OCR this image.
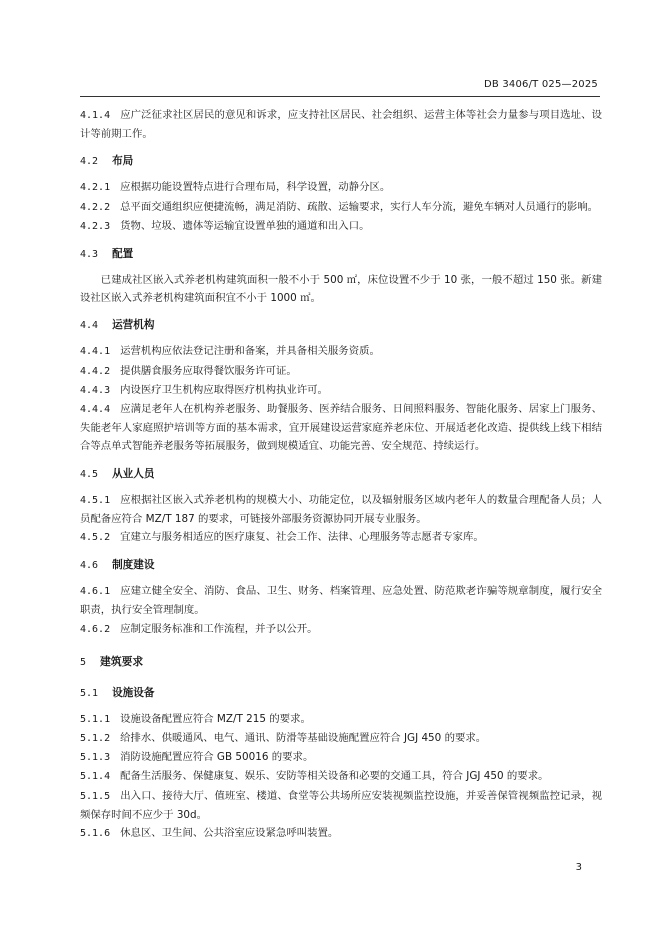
DB 3406/T 025—2025
4.1.4 应广泛征求社区居民的意见和诉求，应支持社区居民、社会组织、运营主体等社会力量参与项目选址、设计等前期工作。
4.2 布局
4.2.1 应根据功能设置特点进行合理布局，科学设置，动静分区。
4.2.2 总平面交通组织应便捷流畅，满足消防、疏散、运输要求，实行人车分流，避免车辆对人员通行的影响。
4.2.3 货物、垃圾、遗体等运输宜设置单独的通道和出入口。
4.3 配置
已建成社区嵌入式养老机构建筑面积一般不小于 500 ㎡，床位设置不少于 10 张，一般不超过 150 张。新建设社区嵌入式养老机构建筑面积宜不小于 1000 ㎡。
4.4 运营机构
4.4.1 运营机构应依法登记注册和备案，并具备相关服务资质。
4.4.2 提供膳食服务应取得餐饮服务许可证。
4.4.3 内设医疗卫生机构应取得医疗机构执业许可。
4.4.4 应满足老年人在机构养老服务、助餐服务、医养结合服务、日间照料服务、智能化服务、居家上门服务、失能老年人家庭照护培训等方面的基本需求，宜开展建设运营家庭养老床位、开展适老化改造、提供线上线下相结合等点单式智能养老服务等拓展服务，做到规模适宜、功能完善、安全规范、持续运行。
4.5 从业人员
4.5.1 应根据社区嵌入式养老机构的规模大小、功能定位，以及辐射服务区域内老年人的数量合理配备人员；人员配备应符合 MZ/T 187 的要求，可链接外部服务资源协同开展专业服务。
4.5.2 宜建立与服务相适应的医疗康复、社会工作、法律、心理服务等志愿者专家库。
4.6 制度建设
4.6.1 应建立健全安全、消防、食品、卫生、财务、档案管理、应急处置、防范欺老诈骗等规章制度，履行安全职责，执行安全管理制度。
4.6.2 应制定服务标准和工作流程，并予以公开。
5 建筑要求
5.1 设施设备
5.1.1 设施设备配置应符合 MZ/T 215 的要求。
5.1.2 给排水、供暖通风、电气、通讯、防滑等基础设施配置应符合 JGJ 450 的要求。
5.1.3 消防设施配置应符合 GB 50016 的要求。
5.1.4 配备生活服务、保健康复、娱乐、安防等相关设备和必要的交通工具，符合 JGJ 450 的要求。
5.1.5 出入口、接待大厅、值班室、楼道、食堂等公共场所应安装视频监控设施，并妥善保管视频监控记录，视频保存时间不应少于 30d。
5.1.6 休息区、卫生间、公共浴室应设紧急呼叫装置。
3
